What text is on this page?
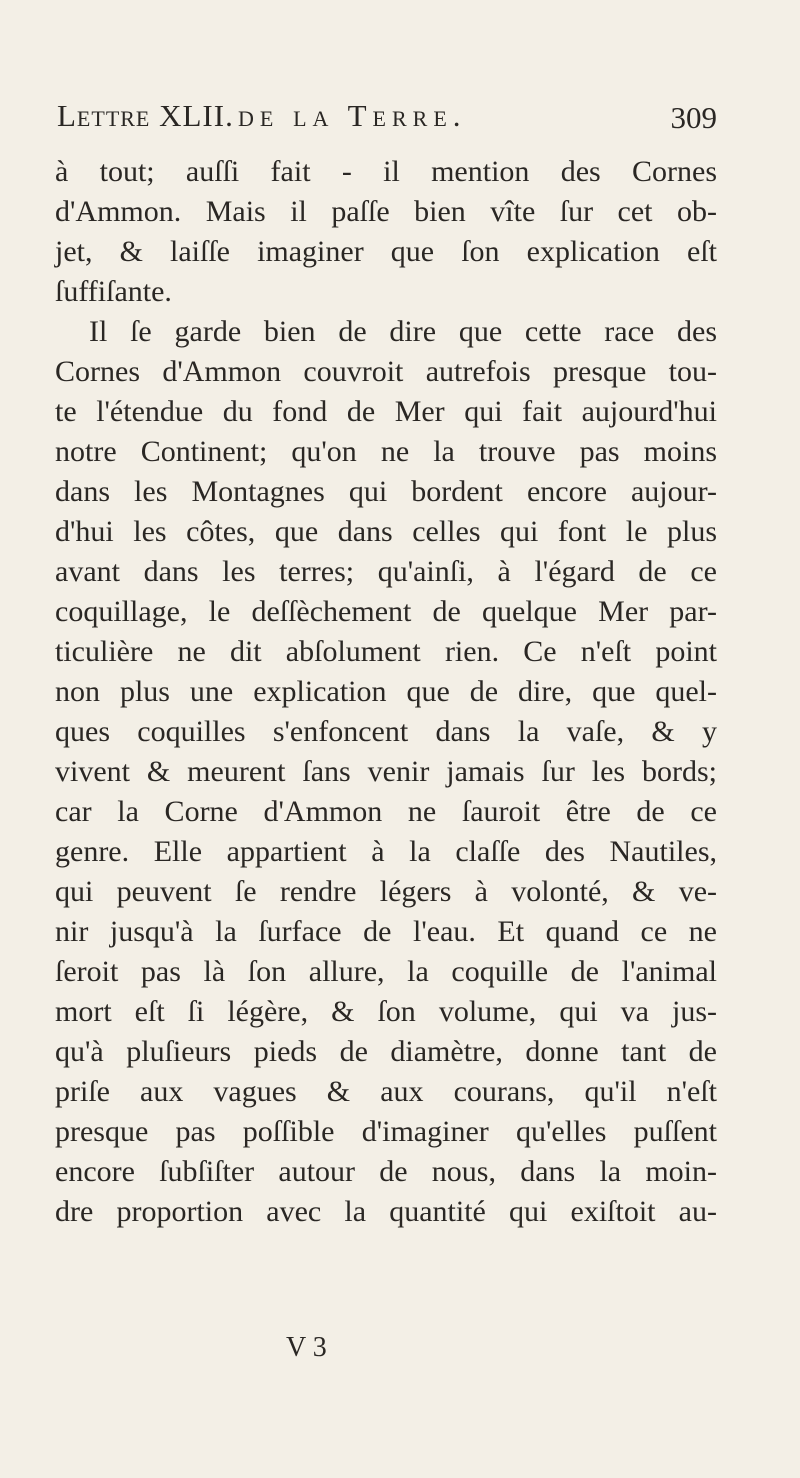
Lettre XLII. de la Terre.	309
à tout; auſſi fait - il mention des Cornes
d'Ammon. Mais il paſſe bien vîte ſur cet ob-
jet, & laiſſe imaginer que ſon explication eſt
ſuffiſante.
Il ſe garde bien de dire que cette race des
Cornes d'Ammon couvroit autrefois presque tou-
te l'étendue du fond de Mer qui fait aujourd'hui
notre Continent; qu'on ne la trouve pas moins
dans les Montagnes qui bordent encore aujour-
d'hui les côtes, que dans celles qui font le plus
avant dans les terres; qu'ainſi, à l'égard de ce
coquillage, le deſſèchement de quelque Mer par-
ticulière ne dit abſolument rien. Ce n'eſt point
non plus une explication que de dire, que quel-
ques coquilles s'enfoncent dans la vaſe, & y
vivent & meurent ſans venir jamais ſur les bords;
car la Corne d'Ammon ne ſauroit être de ce
genre. Elle appartient à la claſſe des Nautiles,
qui peuvent ſe rendre légers à volonté, & ve-
nir jusqu'à la ſurface de l'eau. Et quand ce ne
ſeroit pas là ſon allure, la coquille de l'animal
mort eſt ſi légère, & ſon volume, qui va jus-
qu'à pluſieurs pieds de diamètre, donne tant de
priſe aux vagues & aux courans, qu'il n'eſt
presque pas poſſible d'imaginer qu'elles puſſent
encore ſubſiſter autour de nous, dans la moin-
dre proportion avec la quantité qui exiſtoit au-
V 3
